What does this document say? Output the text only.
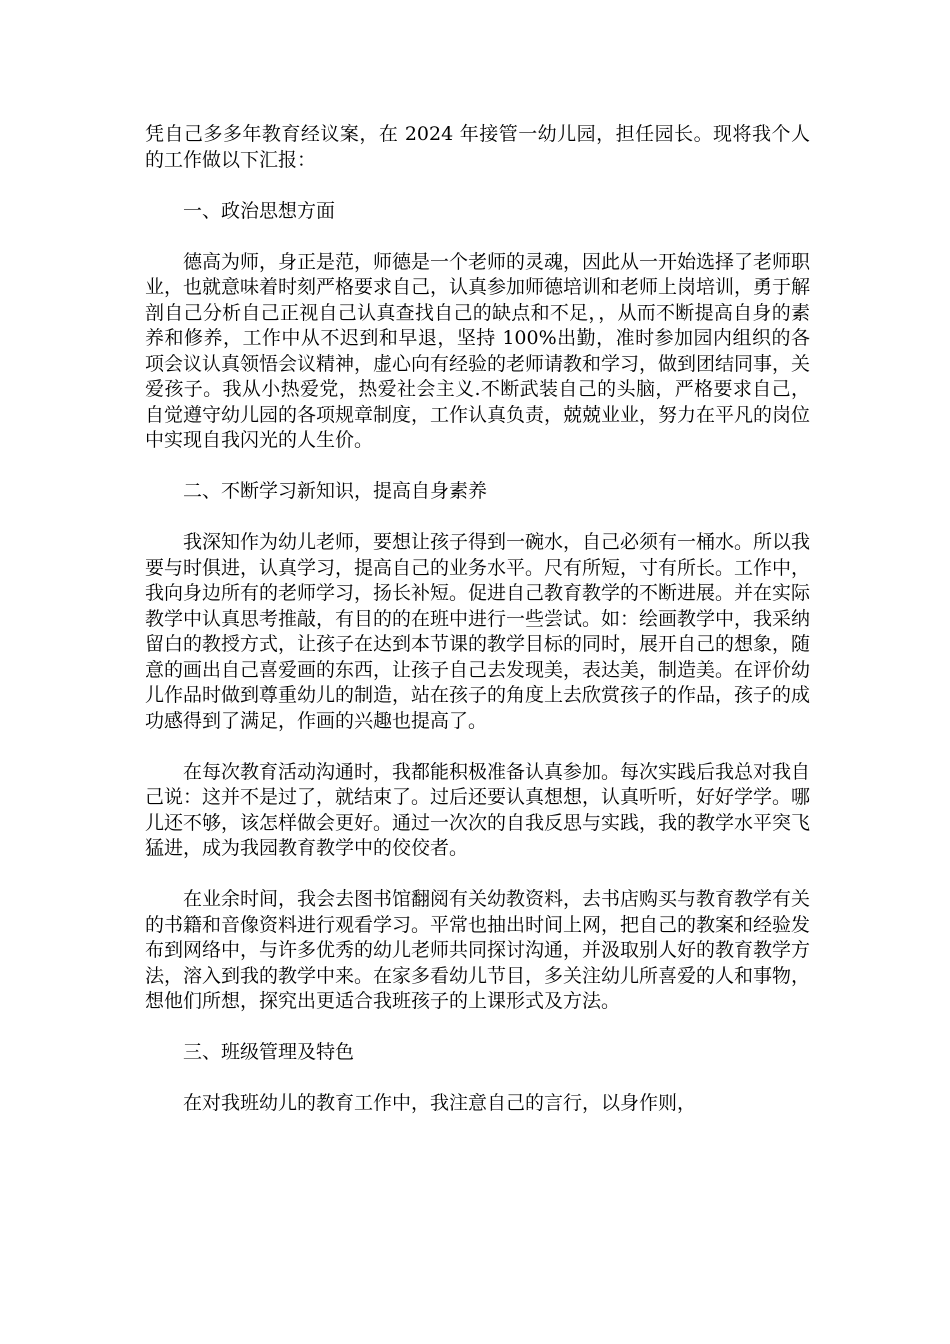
凭自己多多年教育经议案，在 2024 年接管一幼儿园，担任园长。现将我个人的工作做以下汇报：

一、政治思想方面

德高为师，身正是范，师德是一个老师的灵魂，因此从一开始选择了老师职业，也就意味着时刻严格要求自己，认真参加师德培训和老师上岗培训，勇于解剖自己分析自己正视自己认真查找自己的缺点和不足，，从而不断提高自身的素养和修养，工作中从不迟到和早退，坚持 100%出勤，准时参加园内组织的各项会议认真领悟会议精神，虚心向有经验的老师请教和学习，做到团结同事，关爱孩子。我从小热爱党，热爱社会主义.不断武装自己的头脑，严格要求自己，自觉遵守幼儿园的各项规章制度，工作认真负责，兢兢业业，努力在平凡的岗位中实现自我闪光的人生价。

二、不断学习新知识，提高自身素养

我深知作为幼儿老师，要想让孩子得到一碗水，自己必须有一桶水。所以我要与时俱进，认真学习，提高自己的业务水平。尺有所短，寸有所长。工作中，我向身边所有的老师学习，扬长补短。促进自己教育教学的不断进展。并在实际教学中认真思考推敲，有目的的在班中进行一些尝试。如：绘画教学中，我采纳留白的教授方式，让孩子在达到本节课的教学目标的同时，展开自己的想象，随意的画出自己喜爱画的东西，让孩子自己去发现美，表达美，制造美。在评价幼儿作品时做到尊重幼儿的制造，站在孩子的角度上去欣赏孩子的作品，孩子的成功感得到了满足，作画的兴趣也提高了。

在每次教育活动沟通时，我都能积极准备认真参加。每次实践后我总对我自己说：这并不是过了，就结束了。过后还要认真想想，认真听听，好好学学。哪儿还不够，该怎样做会更好。通过一次次的自我反思与实践，我的教学水平突飞猛进，成为我园教育教学中的佼佼者。

在业余时间，我会去图书馆翻阅有关幼教资料，去书店购买与教育教学有关的书籍和音像资料进行观看学习。平常也抽出时间上网，把自己的教案和经验发布到网络中，与许多优秀的幼儿老师共同探讨沟通，并汲取别人好的教育教学方法，溶入到我的教学中来。在家多看幼儿节目，多关注幼儿所喜爱的人和事物，想他们所想，探究出更适合我班孩子的上课形式及方法。

三、班级管理及特色

在对我班幼儿的教育工作中，我注意自己的言行，以身作则，
